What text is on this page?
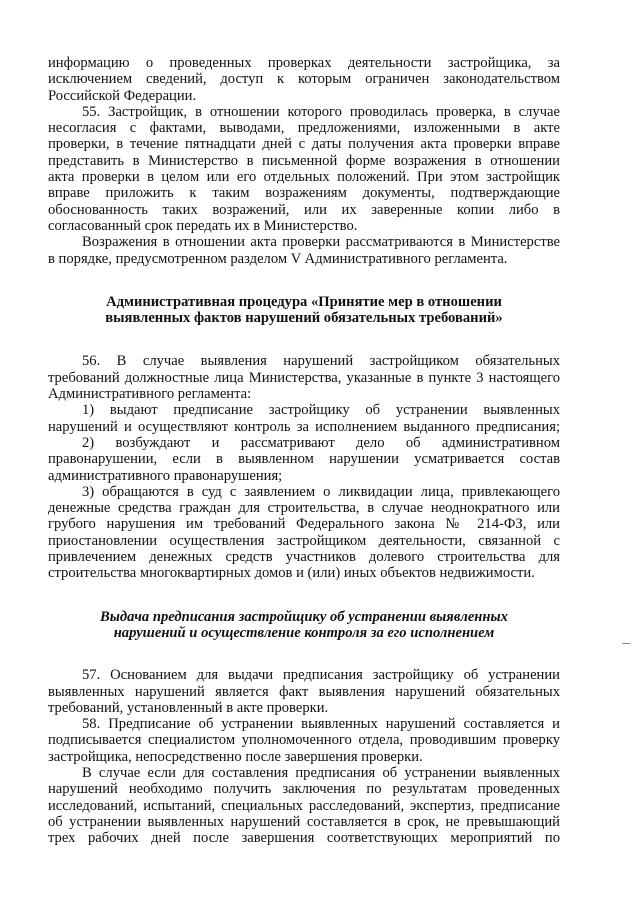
информацию о проведенных проверках деятельности застройщика, за
исключением сведений, доступ к которым ограничен законодательством
Российской Федерации.
55. Застройщик, в отношении которого проводилась проверка, в случае
несогласия с фактами, выводами, предложениями, изложенными в акте
проверки, в течение пятнадцати дней с даты получения акта проверки вправе
представить в Министерство в письменной форме возражения в отношении
акта проверки в целом или его отдельных положений. При этом застройщик
вправе приложить к таким возражениям документы, подтверждающие
обоснованность таких возражений, или их заверенные копии либо в
согласованный срок передать их в Министерство.
Возражения в отношении акта проверки рассматриваются в Министерстве
в порядке, предусмотренном разделом V Административного регламента.
Административная процедура «Принятие мер в отношении
выявленных фактов нарушений обязательных требований»
56. В случае выявления нарушений застройщиком обязательных
требований должностные лица Министерства, указанные в пункте 3 настоящего
Административного регламента:
1) выдают предписание застройщику об устранении выявленных
нарушений и осуществляют контроль за исполнением выданного предписания;
2) возбуждают и рассматривают дело об административном
правонарушении, если в выявленном нарушении усматривается состав
административного правонарушения;
3) обращаются в суд с заявлением о ликвидации лица, привлекающего
денежные средства граждан для строительства, в случае неоднократного или
грубого нарушения им требований Федерального закона № 214-ФЗ, или
приостановлении осуществления застройщиком деятельности, связанной с
привлечением денежных средств участников долевого строительства для
строительства многоквартирных домов и (или) иных объектов недвижимости.
Выдача предписания застройщику об устранении выявленных
нарушений и осуществление контроля за его исполнением
57. Основанием для выдачи предписания застройщику об устранении
выявленных нарушений является факт выявления нарушений обязательных
требований, установленный в акте проверки.
58. Предписание об устранении выявленных нарушений составляется и
подписывается специалистом уполномоченного отдела, проводившим проверку
застройщика, непосредственно после завершения проверки.
В случае если для составления предписания об устранении выявленных
нарушений необходимо получить заключения по результатам проведенных
исследований, испытаний, специальных расследований, экспертиз, предписание
об устранении выявленных нарушений составляется в срок, не превышающий
трех рабочих дней после завершения соответствующих мероприятий по
